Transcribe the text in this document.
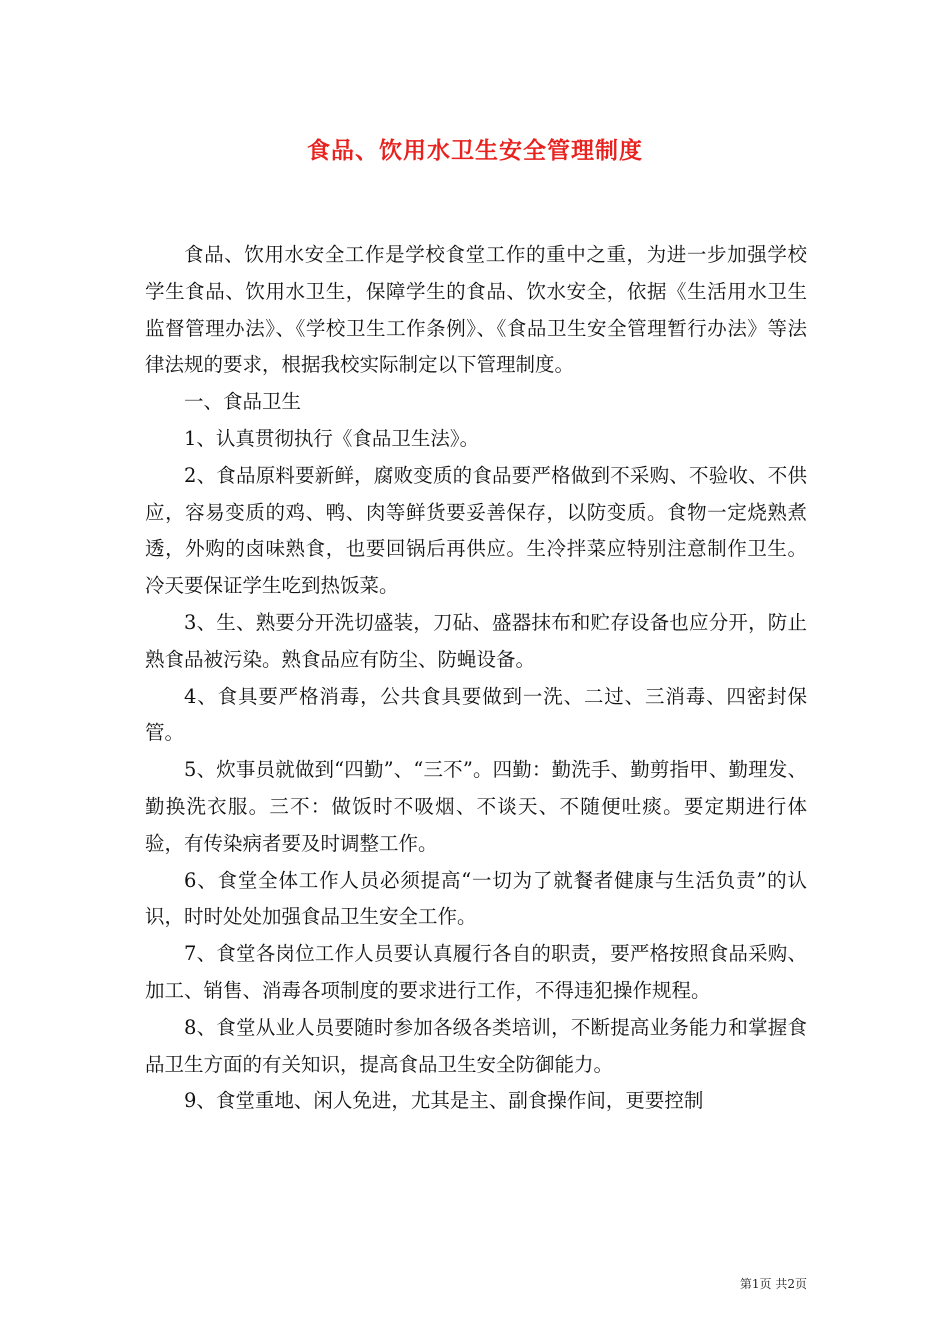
食品、饮用水卫生安全管理制度

食品、饮用水安全工作是学校食堂工作的重中之重，为进一步加强学校学生食品、饮用水卫生，保障学生的食品、饮水安全，依据《生活用水卫生监督管理办法》、《学校卫生工作条例》、《食品卫生安全管理暂行办法》等法律法规的要求，根据我校实际制定以下管理制度。

一、食品卫生

1、认真贯彻执行《食品卫生法》。

2、食品原料要新鲜，腐败变质的食品要严格做到不采购、不验收、不供应，容易变质的鸡、鸭、肉等鲜货要妥善保存，以防变质。食物一定烧熟煮透，外购的卤味熟食，也要回锅后再供应。生冷拌菜应特别注意制作卫生。冷天要保证学生吃到热饭菜。

3、生、熟要分开洗切盛装，刀砧、盛器抹布和贮存设备也应分开，防止熟食品被污染。熟食品应有防尘、防蝇设备。

4、食具要严格消毒，公共食具要做到一洗、二过、三消毒、四密封保管。

5、炊事员就做到“四勤”、“三不”。四勤：勤洗手、勤剪指甲、勤理发、勤换洗衣服。三不：做饭时不吸烟、不谈天、不随便吐痰。要定期进行体验，有传染病者要及时调整工作。

6、食堂全体工作人员必须提高“一切为了就餐者健康与生活负责”的认识，时时处处加强食品卫生安全工作。

7、食堂各岗位工作人员要认真履行各自的职责，要严格按照食品采购、加工、销售、消毒各项制度的要求进行工作，不得违犯操作规程。

8、食堂从业人员要随时参加各级各类培训，不断提高业务能力和掌握食品卫生方面的有关知识，提高食品卫生安全防御能力。

9、食堂重地、闲人免进，尤其是主、副食操作间，更要控制

第1页 共2页
